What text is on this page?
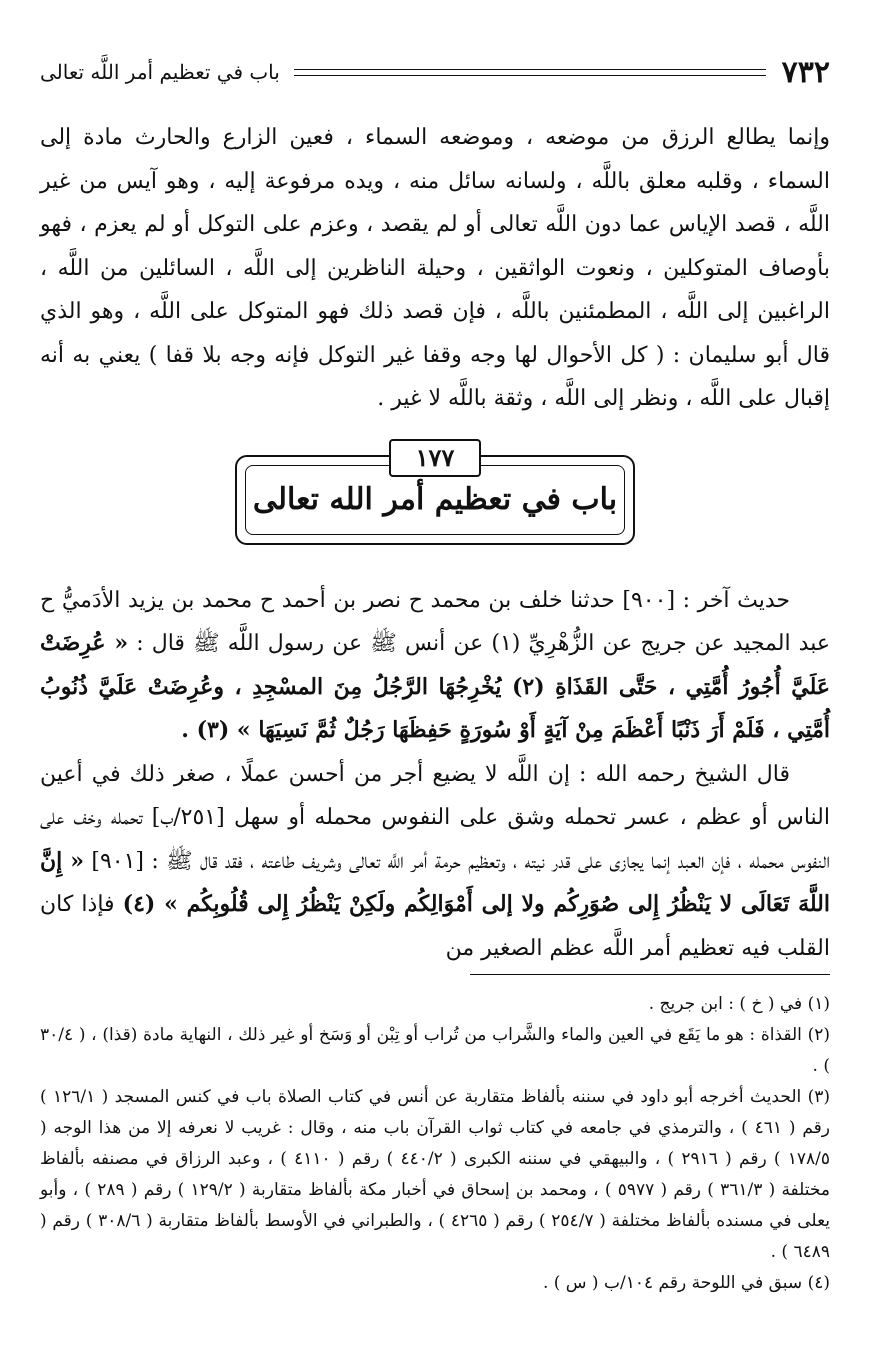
٧٣٢
باب في تعظيم أمر اللَّه تعالى

وإنما يطالع الرزق من موضعه ، وموضعه السماء ، فعين الزارع والحارث مادة إلى السماء ، وقلبه معلق باللَّه ، ولسانه سائل منه ، ويده مرفوعة إليه ، وهو آيس من غير اللَّه ، قصد الإياس عما دون اللَّه تعالى أو لم يقصد ، وعزم على التوكل أو لم يعزم ، فهو بأوصاف المتوكلين ، ونعوت الواثقين ، وحيلة الناظرين إلى اللَّه ، السائلين من اللَّه ، الراغبين إلى اللَّه ، المطمئنين باللَّه ، فإن قصد ذلك فهو المتوكل على اللَّه ، وهو الذي قال أبو سليمان : ( كل الأحوال لها وجه وقفا غير التوكل فإنه وجه بلا قفا ) يعني به أنه إقبال على اللَّه ، ونظر إلى اللَّه ، وثقة باللَّه لا غير .

١٧٧
باب في تعظيم أمر الله تعالى

حديث آخر : [٩٠٠] حدثنا خلف بن محمد ح نصر بن أحمد ح محمد بن يزيد الأدَميُّ ح عبد المجيد عن جريج عن الزُّهْرِيِّ (١) عن أنس ﷺ عن رسول اللَّه ﷺ قال : « عُرِضَتْ عَلَيَّ أُجُورُ أُمَّتِي ، حَتَّى القَذَاةِ (٢) يُخْرِجُهَا الرَّجُلُ مِنَ المسْجِدِ ، وعُرِضَتْ عَلَيَّ ذُنُوبُ أُمَّتِي ، فَلَمْ أَرَ ذَنْبًا أَعْظَمَ مِنْ آيَةٍ أَوْ سُورَةٍ حَفِظَهَا رَجُلٌ ثُمَّ نَسِيَهَا » (٣) .

قال الشيخ رحمه الله : إن اللَّه لا يضيع أجر من أحسن عملًا ، صغر ذلك في أعين الناس أو عظم ، عسر تحمله وشق على النفوس محمله أو سهل [٢٥١/ب] تحمله وخف على النفوس محمله ، فإن العبد إنما يجازى على قدر نيته ، وتعظيم حرمة أمر اللَّه تعالى وشريف طاعته ، فقد قال ﷺ : [٩٠١] « إِنَّ اللَّهَ تَعَالَى لا يَنْظُرُ إِلى صُوَرِكُم ولا إلى أَمْوَالِكُم ولَكِنْ يَنْظُرُ إِلى قُلُوبِكُم » (٤) فإذا كان القلب فيه تعظيم أمر اللَّه عظم الصغير من

(١) في ( خ ) : ابن جريج .

(٢) القذاة : هو ما يَقَع في العين والماء والشَّراب من تُراب أو تِبْن أو وَسَخ أو غير ذلك ، النهاية مادة (قذا) ، ( ٣٠/٤ ) .

(٣) الحديث أخرجه أبو داود في سننه بألفاظ متقاربة عن أنس في كتاب الصلاة باب في كنس المسجد ( ١٢٦/١ ) رقم ( ٤٦١ ) ، والترمذي في جامعه في كتاب ثواب القرآن باب منه ، وقال : غريب لا نعرفه إلا من هذا الوجه ( ١٧٨/٥ ) رقم ( ٢٩١٦ ) ، والبيهقي في سننه الكبرى ( ٤٤٠/٢ ) رقم ( ٤١١٠ ) ، وعبد الرزاق في مصنفه بألفاظ مختلفة ( ٣٦١/٣ ) رقم ( ٥٩٧٧ ) ، ومحمد بن إسحاق في أخبار مكة بألفاظ متقاربة ( ١٢٩/٢ ) رقم ( ٢٨٩ ) ، وأبو يعلى في مسنده بألفاظ مختلفة ( ٢٥٤/٧ ) رقم ( ٤٢٦٥ ) ، والطبراني في الأوسط بألفاظ متقاربة ( ٣٠٨/٦ ) رقم ( ٦٤٨٩ ) .

(٤) سبق في اللوحة رقم ١٠٤/ب ( س ) .
